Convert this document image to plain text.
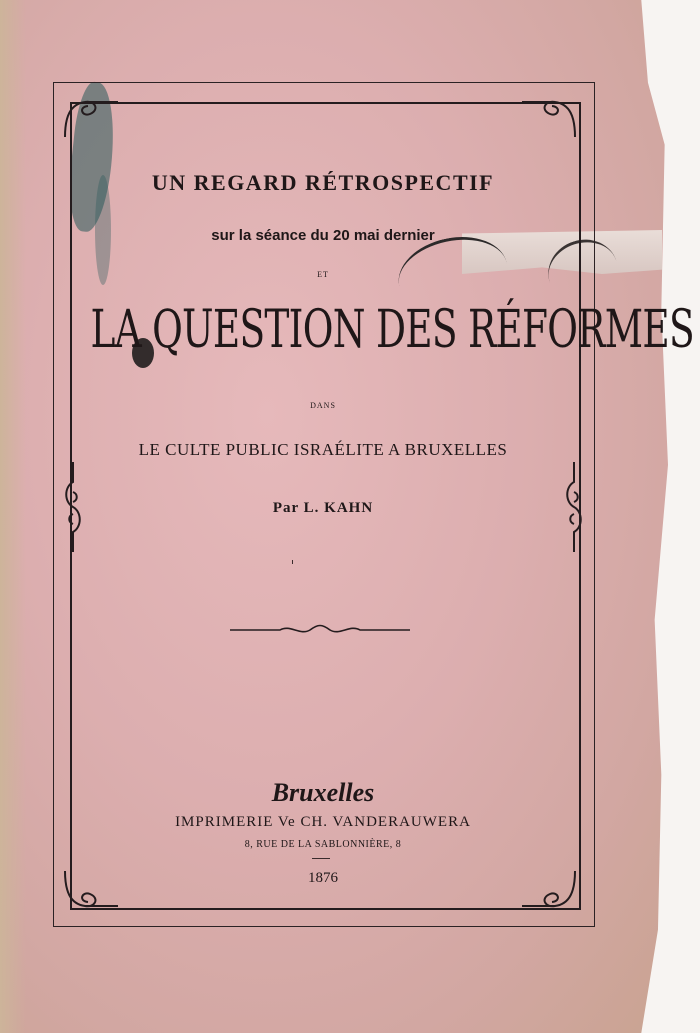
UN REGARD RÉTROSPECTIF
sur la séance du 20 mai dernier
ET
LA QUESTION DES RÉFORMES
DANS
LE CULTE PUBLIC ISRAÉLITE A BRUXELLES
Par L. KAHN
Bruxelles
IMPRIMERIE Ve CH. VANDERAUWERA
8, RUE DE LA SABLONNIÈRE, 8
1876
